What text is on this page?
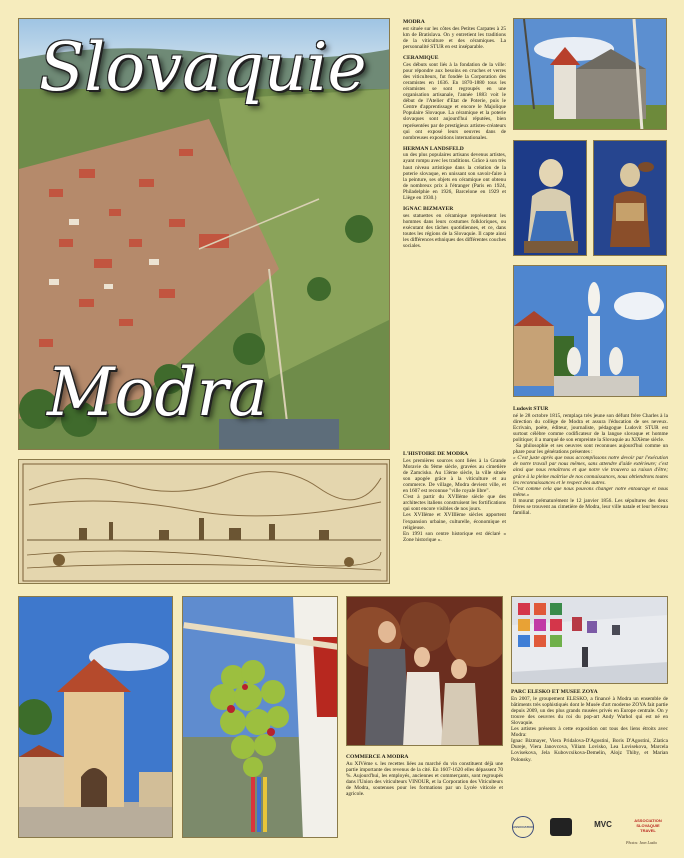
Slovaquie
Modra
MODRA

est située sur les côtes des Petites Carpates à 25 km de Bratislava. On y entretient les traditions de la viticulture et des céramiques. La personnalité STUR en est inséparable.

CERAMIQUE

Ces débuts sont liés à la fondation de la ville: pour répondre aux besoins en cruches et verres des viticulteurs, fut fondée la Corporation des ceramistes en 1636. En 1870-1880 tous les céramistes se sont regroupés en une organisation artisanale, l'année 1883 voit le début de l'Atelier d'Etat de Poterie, puis le Centre d'apprentissage et encore le Majolique Populaire Slovaque. La céramique et la poterie slovaques sont aujourd'hui réputées, bien représentées par de prestigieux artistes-créateurs qui ont exposé leurs oeuvres dans de nombreuses expositions internationales.

HERMAN LANDSFELD

un des plus populaires artisans devenus artistes, ayant rompu avec les traditions. Grâce à son très haut niveau artistique dans la création de la poterie slovaque, en unissant son savoir-faire à la peinture, ses objets en céramique ont obtenu de nombreux prix à l'étranger (Paris en 1924, Philadelphie en 1926, Barcelone en 1929 et Liège en 1930.)

IGNAC BIZMAYER

ses statuettes en céramique représentent les hommes dans leurs costumes folkloriques, ou exécutant des tâches quotidiennes, et ce, dans toutes les régions de la Slovaquie. Il capte ainsi les différences ethniques des différentes couches sociales.

Ludovit STUR

né le 28 octobre 1815, remplaça très jeune son défunt frère Charles à la direction du collège de Modra et assura l'éducation de ses neveux. Ecrivain, poète, éditeur, journaliste, pédagogue Ludovit STUR est surtout célèbre comme codificateur de la langue slovaque et homme politique; il a marqué de son empreinte la Slovaquie au XIXème siècle.

Sa philosophie et ses oeuvres sont reconnues aujourd'hui comme un phare pour les générations présentes :

« C'est juste après que nous accomplissons notre devoir par l'exécution de notre travail par nous mêmes, sans attendre d'aide extérieure; c'est ainsi que nous renaîtrons et que notre vie trouvera sa raison d'être; grâce à la pleine maîtrise de nos connaissances, nous obtiendrons toutes les reconnaissances et le respect des autres.

C'est comme cela que nous pouvons changer notre entourage et nous même.»

Il mourut prématurément le 12 janvier 1856. Les sépultures des deux frères se trouvent au cimetière de Modra, leur ville natale et leur berceau familial.

L'HISTOIRE DE MODRA

Les premières sources sont liées à la Grande Moravie du 9ème siècle, gravées au cimetière de Zamcisko. Au 13ème siècle, la ville située son apogée grâce à la viticulture et au commerce. De village, Modra devient ville, et en 1607 est reconnue "ville royale libre".

C'est à partir du XVIIème siècle que des architectes italiens construisent les fortifications qui sont encore visibles de nos jours.

Les XVIIème et XVIIIème siècles apportent l'expansion urbaine, culturelle, économique et religieuse.

En 1991 son centre historique est déclaré « Zone historique ».

COMMERCE A MODRA

Au XIVème s. les recettes liées au marché du vin constituent déjà une partie importante des revenus de la cité. En 1607-1620 elles dépassent 70 %. Aujourd'hui, les employés, anciennes et commerçants, sont regroupés dans l'Union des viticulteurs VINOUR, et la Corporation des Viticulteurs de Modra, soutenues pour les formations par un Lycée viticole et agricole.

PARC ELESKO ET MUSEE ZOYA

En 2007, le groupement ELESKO, a financé à Modra un ensemble de bâtiments très sophistiqués dont le Musée d'art moderne ZOYA fait partie depuis 2009, un des plus grands musées privés en Europe centrale. On y trouve des oeuvres du roi du pop-art Andy Warhol qui est né en Slovaquie.

Les artistes présents à cette exposition ont tous des liens étroits avec Modra:

Ignac Bizmayer, Viera Pridalova-D'Agostini, Boris D'Agostini, Zlatica Dureje, Viera Janovcova, Viliam Lovisko, Lea Lovisekova, Marcela Lovisekova, Jela Kubovcsikova-Demelin, Alojz Thiby, et Marian Polonsky.

ASSOCIATION	MVC	ASSOCIATION SLOVAQUIE TRAVEL
Photos: Ivan Lasko
